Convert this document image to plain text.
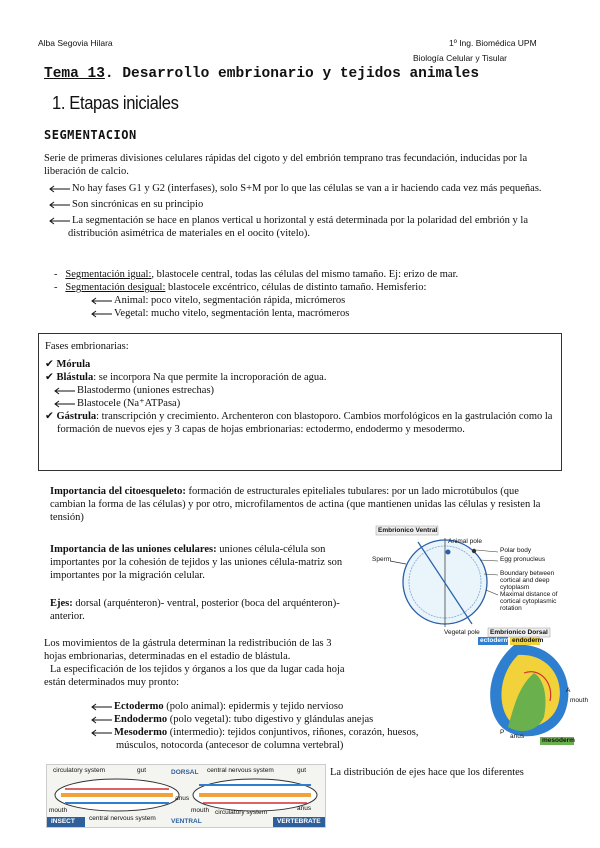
Alba Segovia Hilara	1º Ing. Biomédica UPM
Biología Celular y Tisular
Tema 13. Desarrollo embrionario y tejidos animales
1. Etapas iniciales
SEGMENTACION
Serie de primeras divisiones celulares rápidas del cigoto y del embrión temprano tras fecundación, inducidas por la liberación de calcio.
No hay fases G1 y G2 (interfases), solo S+M por lo que las células se van a ir haciendo cada vez más pequeñas.
Son sincrónicas en su principio
La segmentación se hace en planos vertical u horizontal y está determinada por la polaridad del embrión y la distribución asimétrica de materiales en el oocito (vitelo).
-   Segmentación igual:, blastocele central, todas las células del mismo tamaño. Ej: erizo de mar.
-   Segmentación desigual: blastocele excéntrico, células de distinto tamaño. Hemisferio:
Animal: poco vitelo, segmentación rápida, micrómeros
Vegetal: mucho vitelo, segmentación lenta, macrómeros
Fases embrionarias:
✔ Mórula
✔ Blástula: se incorpora Na que permite la incroporación de agua.
Blastodermo (uniones estrechas)
Blastocele (Na⁺ATPasa)
✔ Gástrula: transcripción y crecimiento. Archenteron con blastoporo. Cambios morfológicos en la gastrulación como la formación de nuevos ejes y 3 capas de hojas embrionarias: ectodermo, endodermo y mesodermo.
Importancia del citoesqueleto: formación de estructurales epiteliales tubulares: por un lado microtúbulos (que cambian la forma de las células) y por otro, microfilamentos de actina (que mantienen unidas las células y resisten la tensión)
Importancia de las uniones celulares: uniones célula-célula son importantes por la cohesión de tejidos y las uniones célula-matriz son importantes por la migración celular.
Ejes: dorsal (arquénteron)- ventral, posterior (boca del arquénteron)-anterior.
Embrionico Ventral
Embrionico Dorsal
Animal pole
Vegetal pole
Sperm
Polar body
Egg pronucleus
Boundary between cortical and deep cytoplasm
Maximal distance of cortical cytoplasmic rotation
Los movimientos de la gástrula determinan la redistribución de las 3 hojas embrionarias, determinadas en el estadio de blástula.
La especificación de los tejidos y órganos a los que da lugar cada hoja están determinados muy pronto:
Ectodermo (polo animal): epidermis y tejido nervioso
Endodermo (polo vegetal): tubo digestivo y glándulas anejas
Mesodermo (intermedio): tejidos conjuntivos, riñones, corazón, huesos, músculos, notocorda (antecesor de columna vertebral)
ectoderm endoderm
mesoderm
anus
mouth
A
P
circulatory system	gut	DORSAL central nervous system	gut
anus
anus
mouth	mouth
central nervous system
circulatory system
INSECT	VENTRAL	VERTEBRATE
La distribución de ejes hace que los diferentes
